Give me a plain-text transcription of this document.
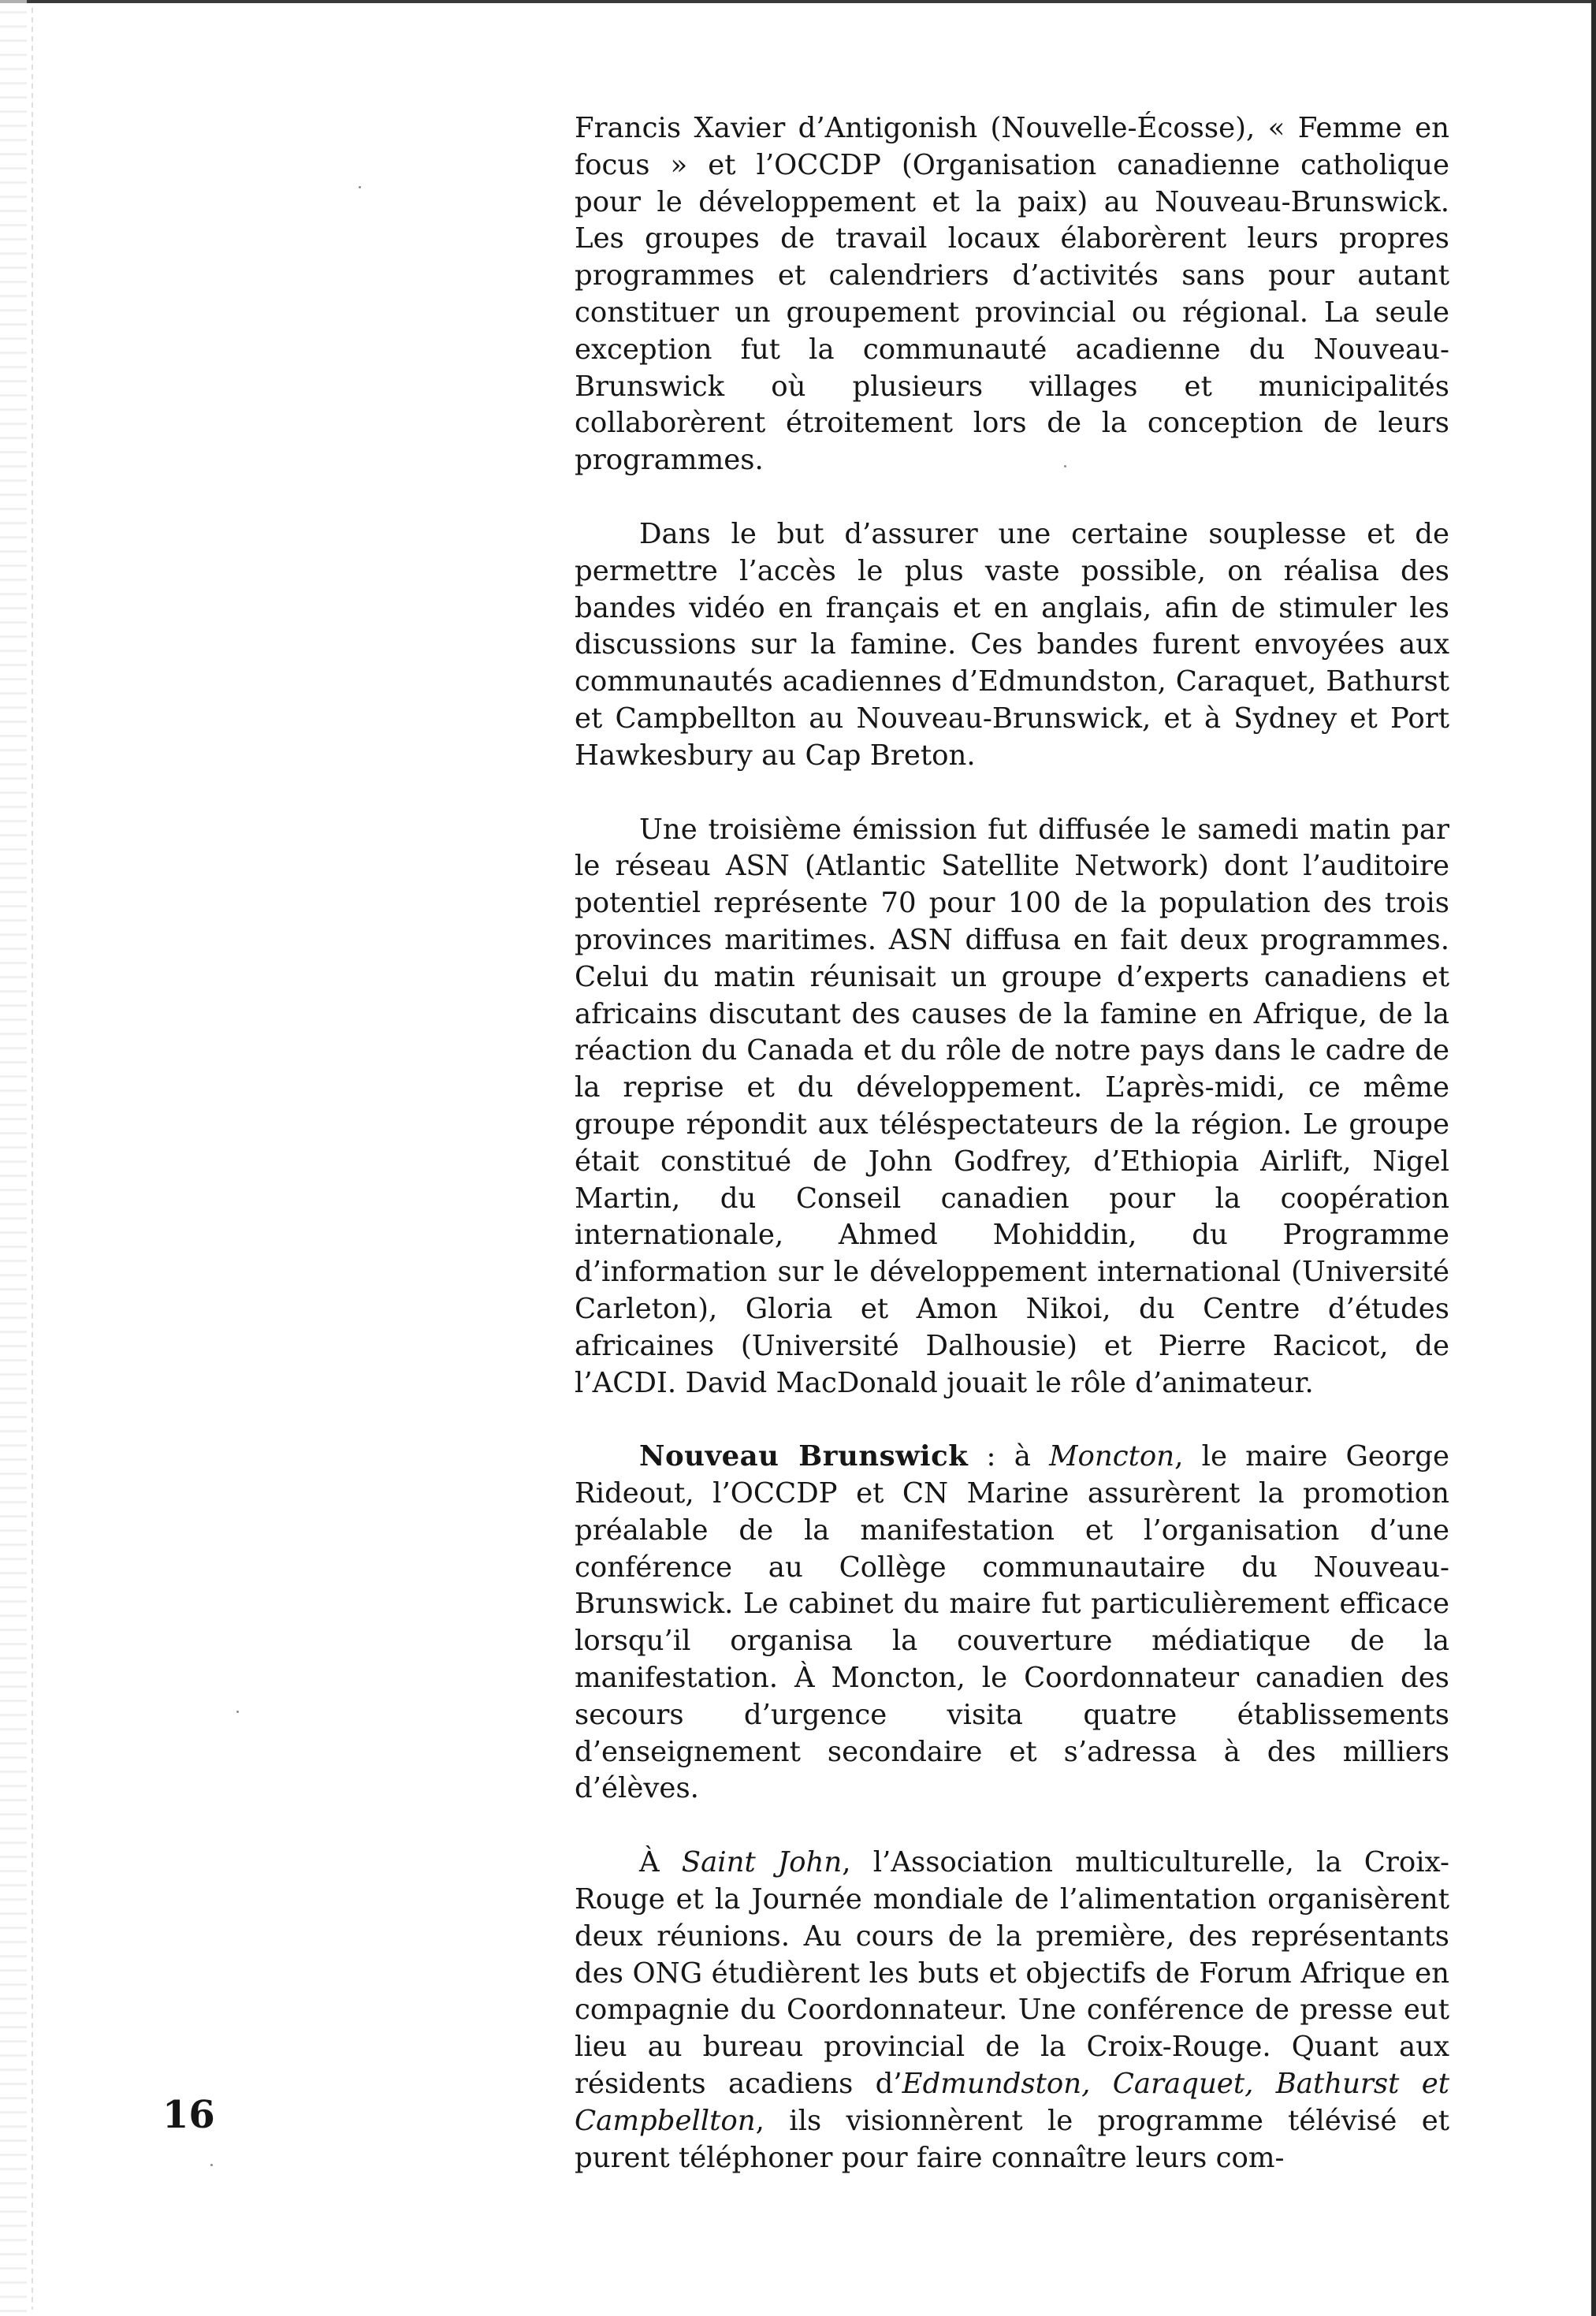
Francis Xavier d’Antigonish (Nouvelle-Écosse), « Femme en focus » et l’OCCDP (Organisation canadienne catholique pour le développement et la paix) au Nouveau-Brunswick. Les groupes de travail locaux élaborèrent leurs propres programmes et calendriers d’activités sans pour autant constituer un groupement provincial ou régional. La seule exception fut la communauté acadienne du Nouveau-Brunswick où plusieurs villages et municipalités collaborèrent étroitement lors de la conception de leurs programmes.

Dans le but d’assurer une certaine souplesse et de permettre l’accès le plus vaste possible, on réalisa des bandes vidéo en français et en anglais, afin de stimuler les discussions sur la famine. Ces bandes furent envoyées aux communautés acadiennes d’Edmundston, Caraquet, Bathurst et Campbellton au Nouveau-Brunswick, et à Sydney et Port Hawkesbury au Cap Breton.

Une troisième émission fut diffusée le samedi matin par le réseau ASN (Atlantic Satellite Network) dont l’auditoire potentiel représente 70 pour 100 de la population des trois provinces maritimes. ASN diffusa en fait deux programmes. Celui du matin réunisait un groupe d’experts canadiens et africains discutant des causes de la famine en Afrique, de la réaction du Canada et du rôle de notre pays dans le cadre de la reprise et du développement. L’après-midi, ce même groupe répondit aux téléspectateurs de la région. Le groupe était constitué de John Godfrey, d’Ethiopia Airlift, Nigel Martin, du Conseil canadien pour la coopération internationale, Ahmed Mohiddin, du Programme d’information sur le développement international (Université Carleton), Gloria et Amon Nikoi, du Centre d’études africaines (Université Dalhousie) et Pierre Racicot, de l’ACDI. David MacDonald jouait le rôle d’animateur.

Nouveau Brunswick : à Moncton, le maire George Rideout, l’OCCDP et CN Marine assurèrent la promotion préalable de la manifestation et l’organisation d’une conférence au Collège communautaire du Nouveau-Brunswick. Le cabinet du maire fut particulièrement efficace lorsqu’il organisa la couverture médiatique de la manifestation. À Moncton, le Coordonnateur canadien des secours d’urgence visita quatre établissements d’enseignement secondaire et s’adressa à des milliers d’élèves.

À Saint John, l’Association multiculturelle, la Croix-Rouge et la Journée mondiale de l’alimentation organisèrent deux réunions. Au cours de la première, des représentants des ONG étudièrent les buts et objectifs de Forum Afrique en compagnie du Coordonnateur. Une conférence de presse eut lieu au bureau provincial de la Croix-Rouge. Quant aux résidents acadiens d’Edmundston, Caraquet, Bathurst et Campbellton, ils visionnèrent le programme télévisé et purent téléphoner pour faire connaître leurs com-

16
